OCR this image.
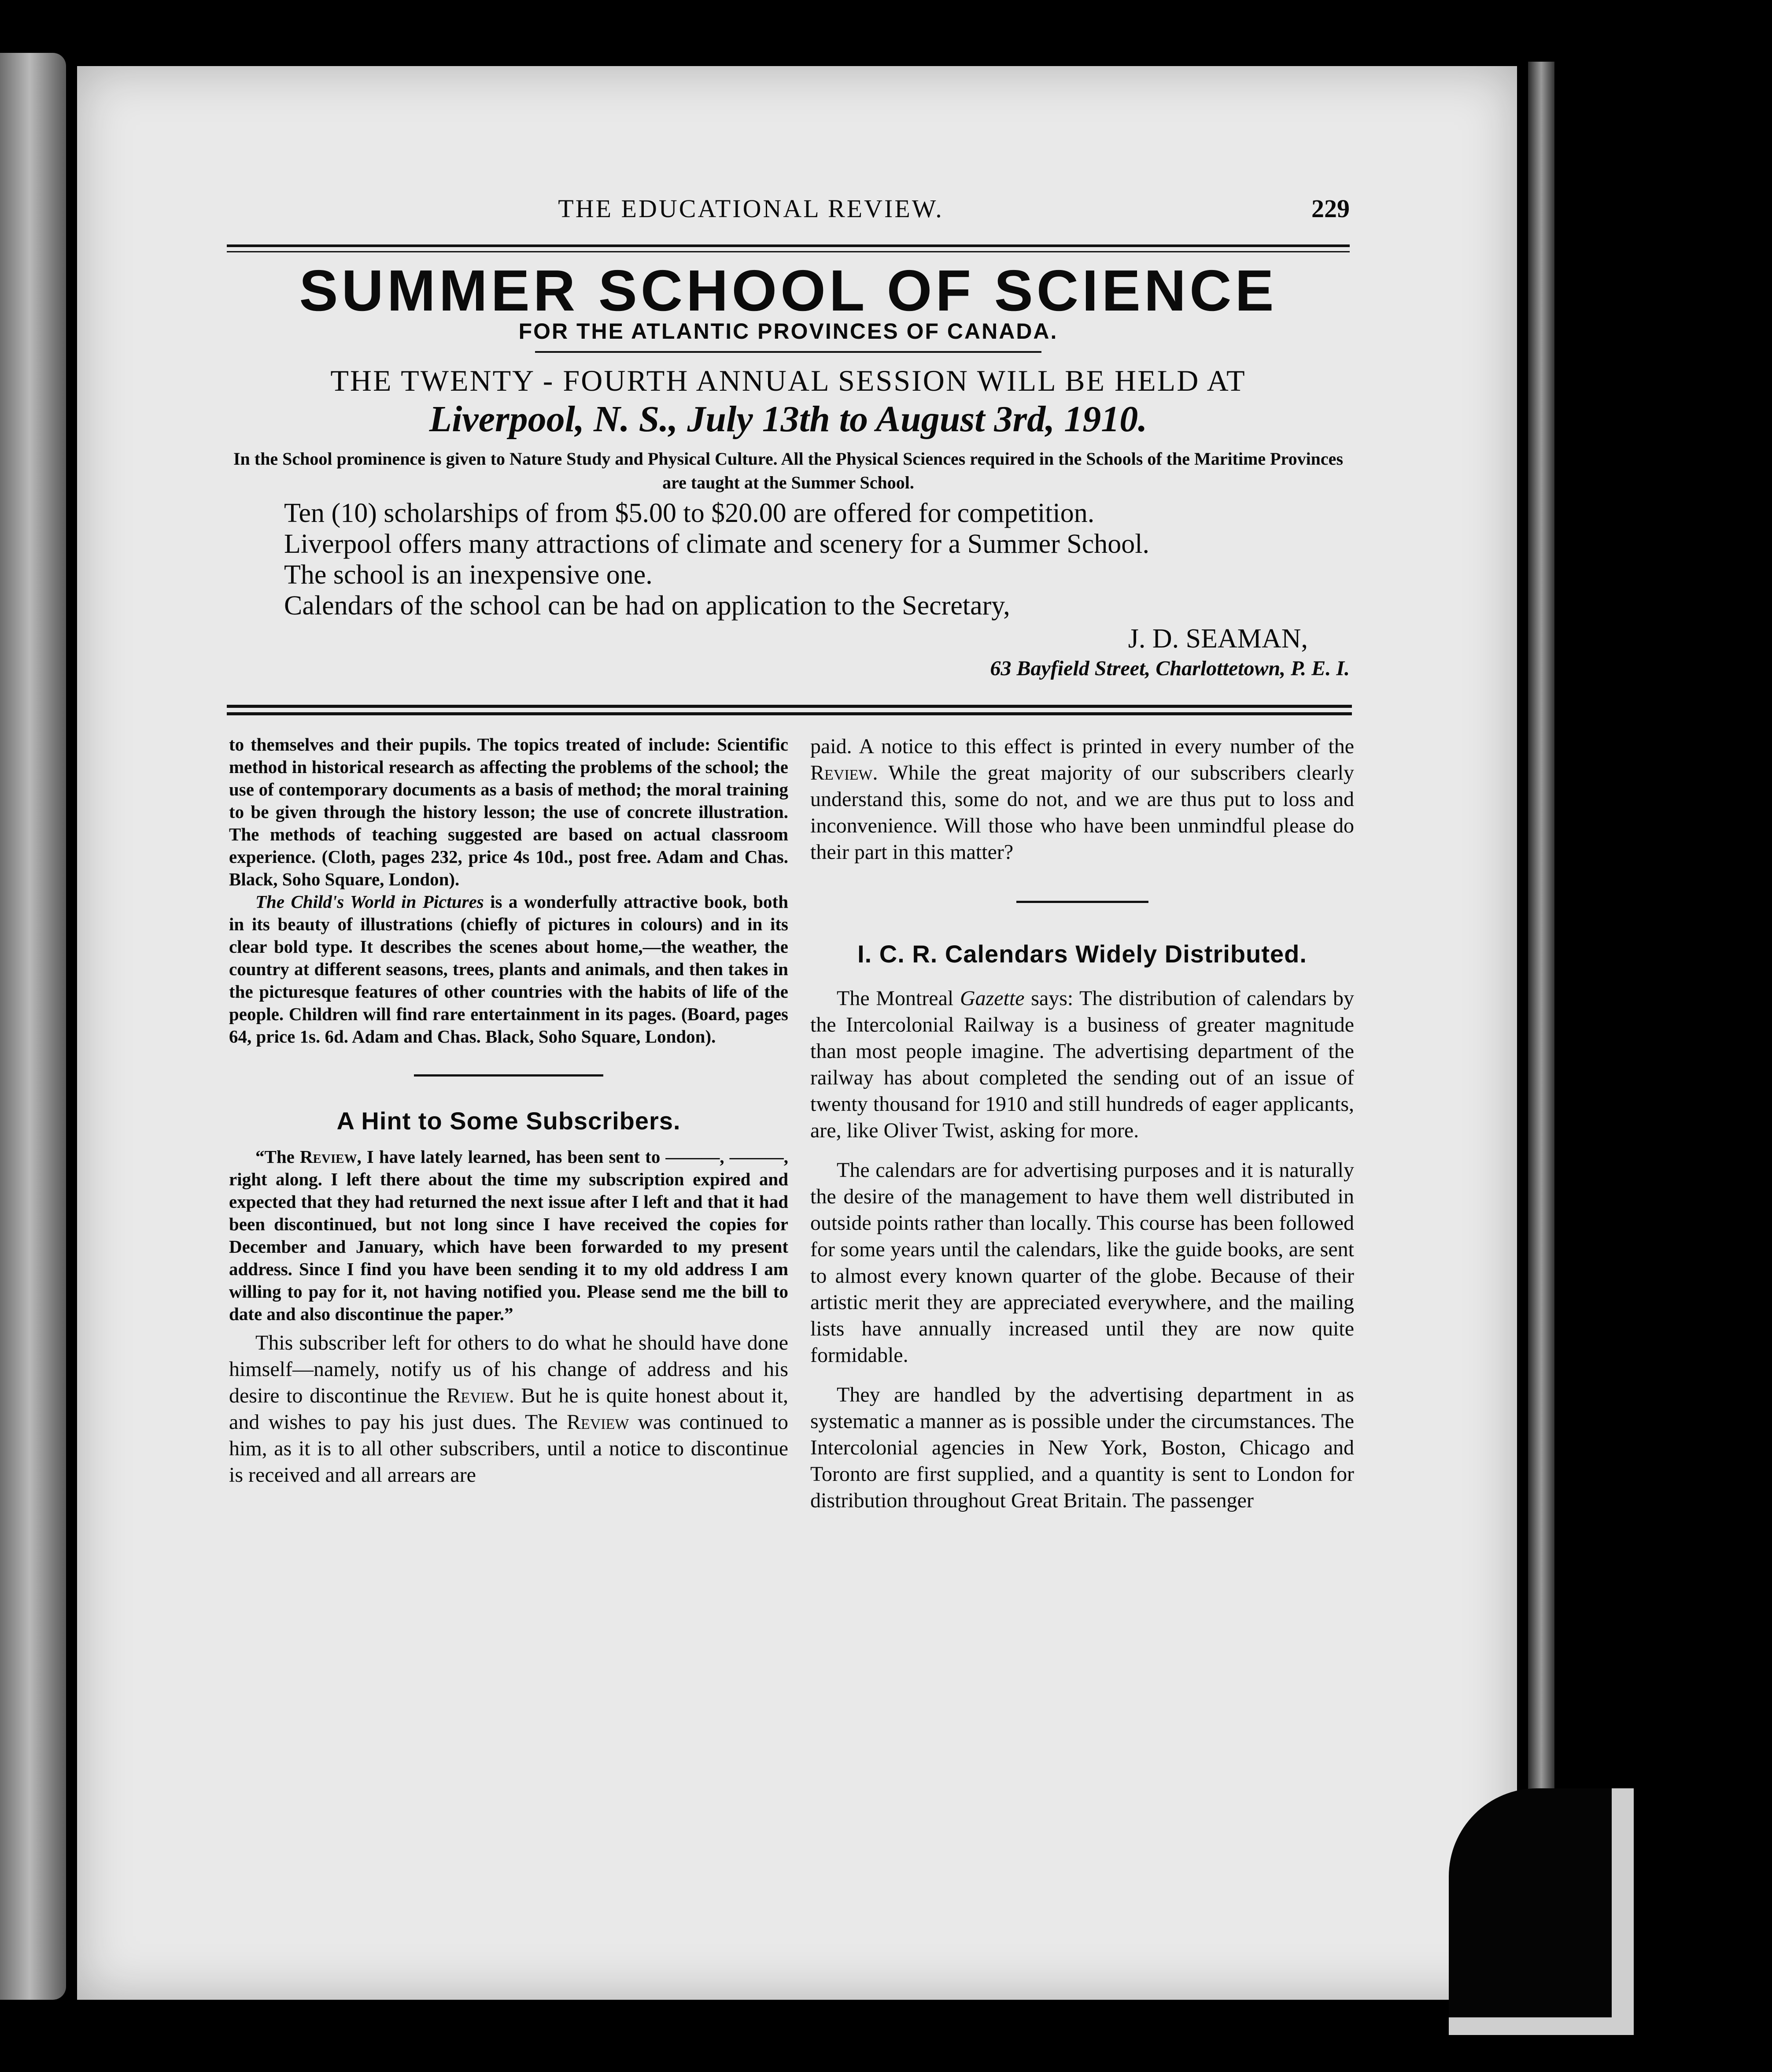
THE EDUCATIONAL REVIEW.	229
SUMMER SCHOOL OF SCIENCE
FOR THE ATLANTIC PROVINCES OF CANADA.
THE TWENTY - FOURTH ANNUAL SESSION WILL BE HELD AT
Liverpool, N. S., July 13th to August 3rd, 1910.
In the School prominence is given to Nature Study and Physical Culture. All the Physical Sciences required in the Schools of the Maritime Provinces are taught at the Summer School.
Ten (10) scholarships of from $5.00 to $20.00 are offered for competition.
Liverpool offers many attractions of climate and scenery for a Summer School.
The school is an inexpensive one.
Calendars of the school can be had on application to the Secretary,
J. D. SEAMAN,
63 Bayfield Street, Charlottetown, P. E. I.

to themselves and their pupils. The topics treated of include: Scientific method in historical research as affecting the problems of the school; the use of contemporary documents as a basis of method; the moral training to be given through the history lesson; the use of concrete illustration. The methods of teaching suggested are based on actual classroom experience. (Cloth, pages 232, price 4s 10d., post free. Adam and Chas. Black, Soho Square, London).

The Child's World in Pictures is a wonderfully attractive book, both in its beauty of illustrations (chiefly of pictures in colours) and in its clear bold type. It describes the scenes about home,—the weather, the country at different seasons, trees, plants and animals, and then takes in the picturesque features of other countries with the habits of life of the people. Children will find rare entertainment in its pages. (Board, pages 64, price 1s. 6d. Adam and Chas. Black, Soho Square, London).

A Hint to Some Subscribers.

“The Review, I have lately learned, has been sent to ———, ———, right along. I left there about the time my subscription expired and expected that they had returned the next issue after I left and that it had been discontinued, but not long since I have received the copies for December and January, which have been forwarded to my present address. Since I find you have been sending it to my old address I am willing to pay for it, not having notified you. Please send me the bill to date and also discontinue the paper.”

This subscriber left for others to do what he should have done himself—namely, notify us of his change of address and his desire to discontinue the Review. But he is quite honest about it, and wishes to pay his just dues. The Review was continued to him, as it is to all other subscribers, until a notice to discontinue is received and all arrears are

paid. A notice to this effect is printed in every number of the Review. While the great majority of our subscribers clearly understand this, some do not, and we are thus put to loss and inconvenience. Will those who have been unmindful please do their part in this matter?

I. C. R. Calendars Widely Distributed.

The Montreal Gazette says: The distribution of calendars by the Intercolonial Railway is a business of greater magnitude than most people imagine. The advertising department of the railway has about completed the sending out of an issue of twenty thousand for 1910 and still hundreds of eager applicants, are, like Oliver Twist, asking for more.

The calendars are for advertising purposes and it is naturally the desire of the management to have them well distributed in outside points rather than locally. This course has been followed for some years until the calendars, like the guide books, are sent to almost every known quarter of the globe. Because of their artistic merit they are appreciated everywhere, and the mailing lists have annually increased until they are now quite formidable.

They are handled by the advertising department in as systematic a manner as is possible under the circumstances. The Intercolonial agencies in New York, Boston, Chicago and Toronto are first supplied, and a quantity is sent to London for distribution throughout Great Britain. The passenger
